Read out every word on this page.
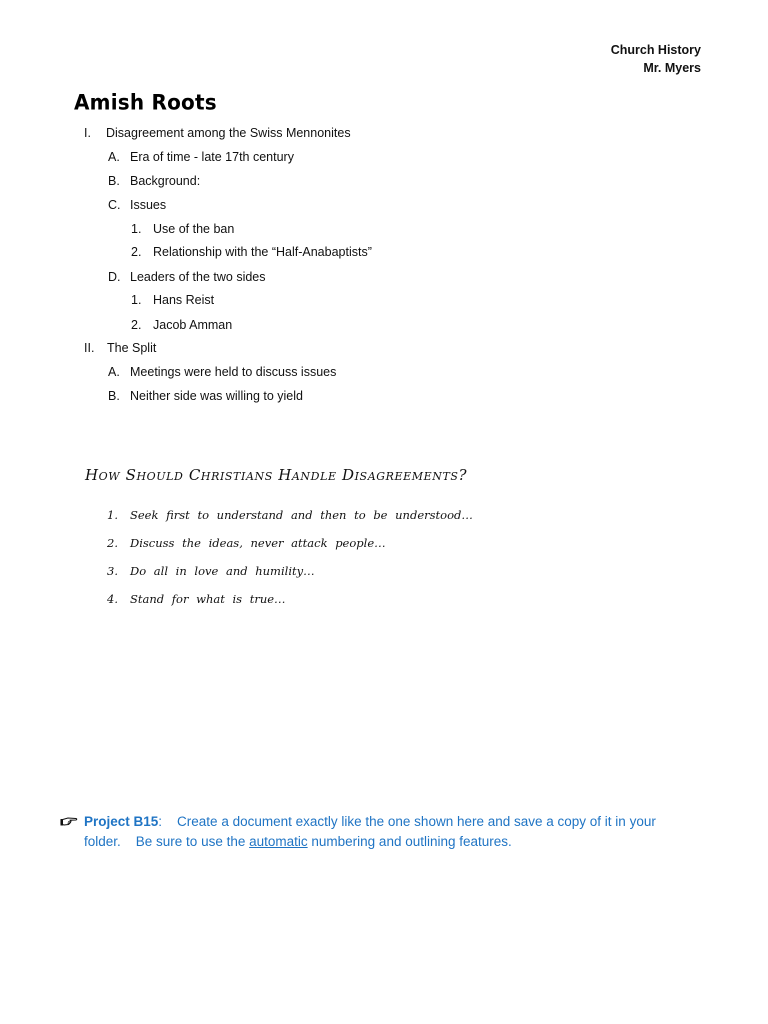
Church History
Mr. Myers
Amish Roots
I. Disagreement among the Swiss Mennonites
A. Era of time - late 17th century
B. Background:
C. Issues
1. Use of the ban
2. Relationship with the “Half-Anabaptists”
D. Leaders of the two sides
1. Hans Reist
2. Jacob Amman
II. The Split
A. Meetings were held to discuss issues
B. Neither side was willing to yield
How Should Christians Handle Disagreements?
1. Seek first to understand and then to be understood…
2. Discuss the ideas, never attack people…
3. Do all in love and humility…
4. Stand for what is true…
Project B15:    Create a document exactly like the one shown here and save a copy of it in your folder.    Be sure to use the automatic numbering and outlining features.
